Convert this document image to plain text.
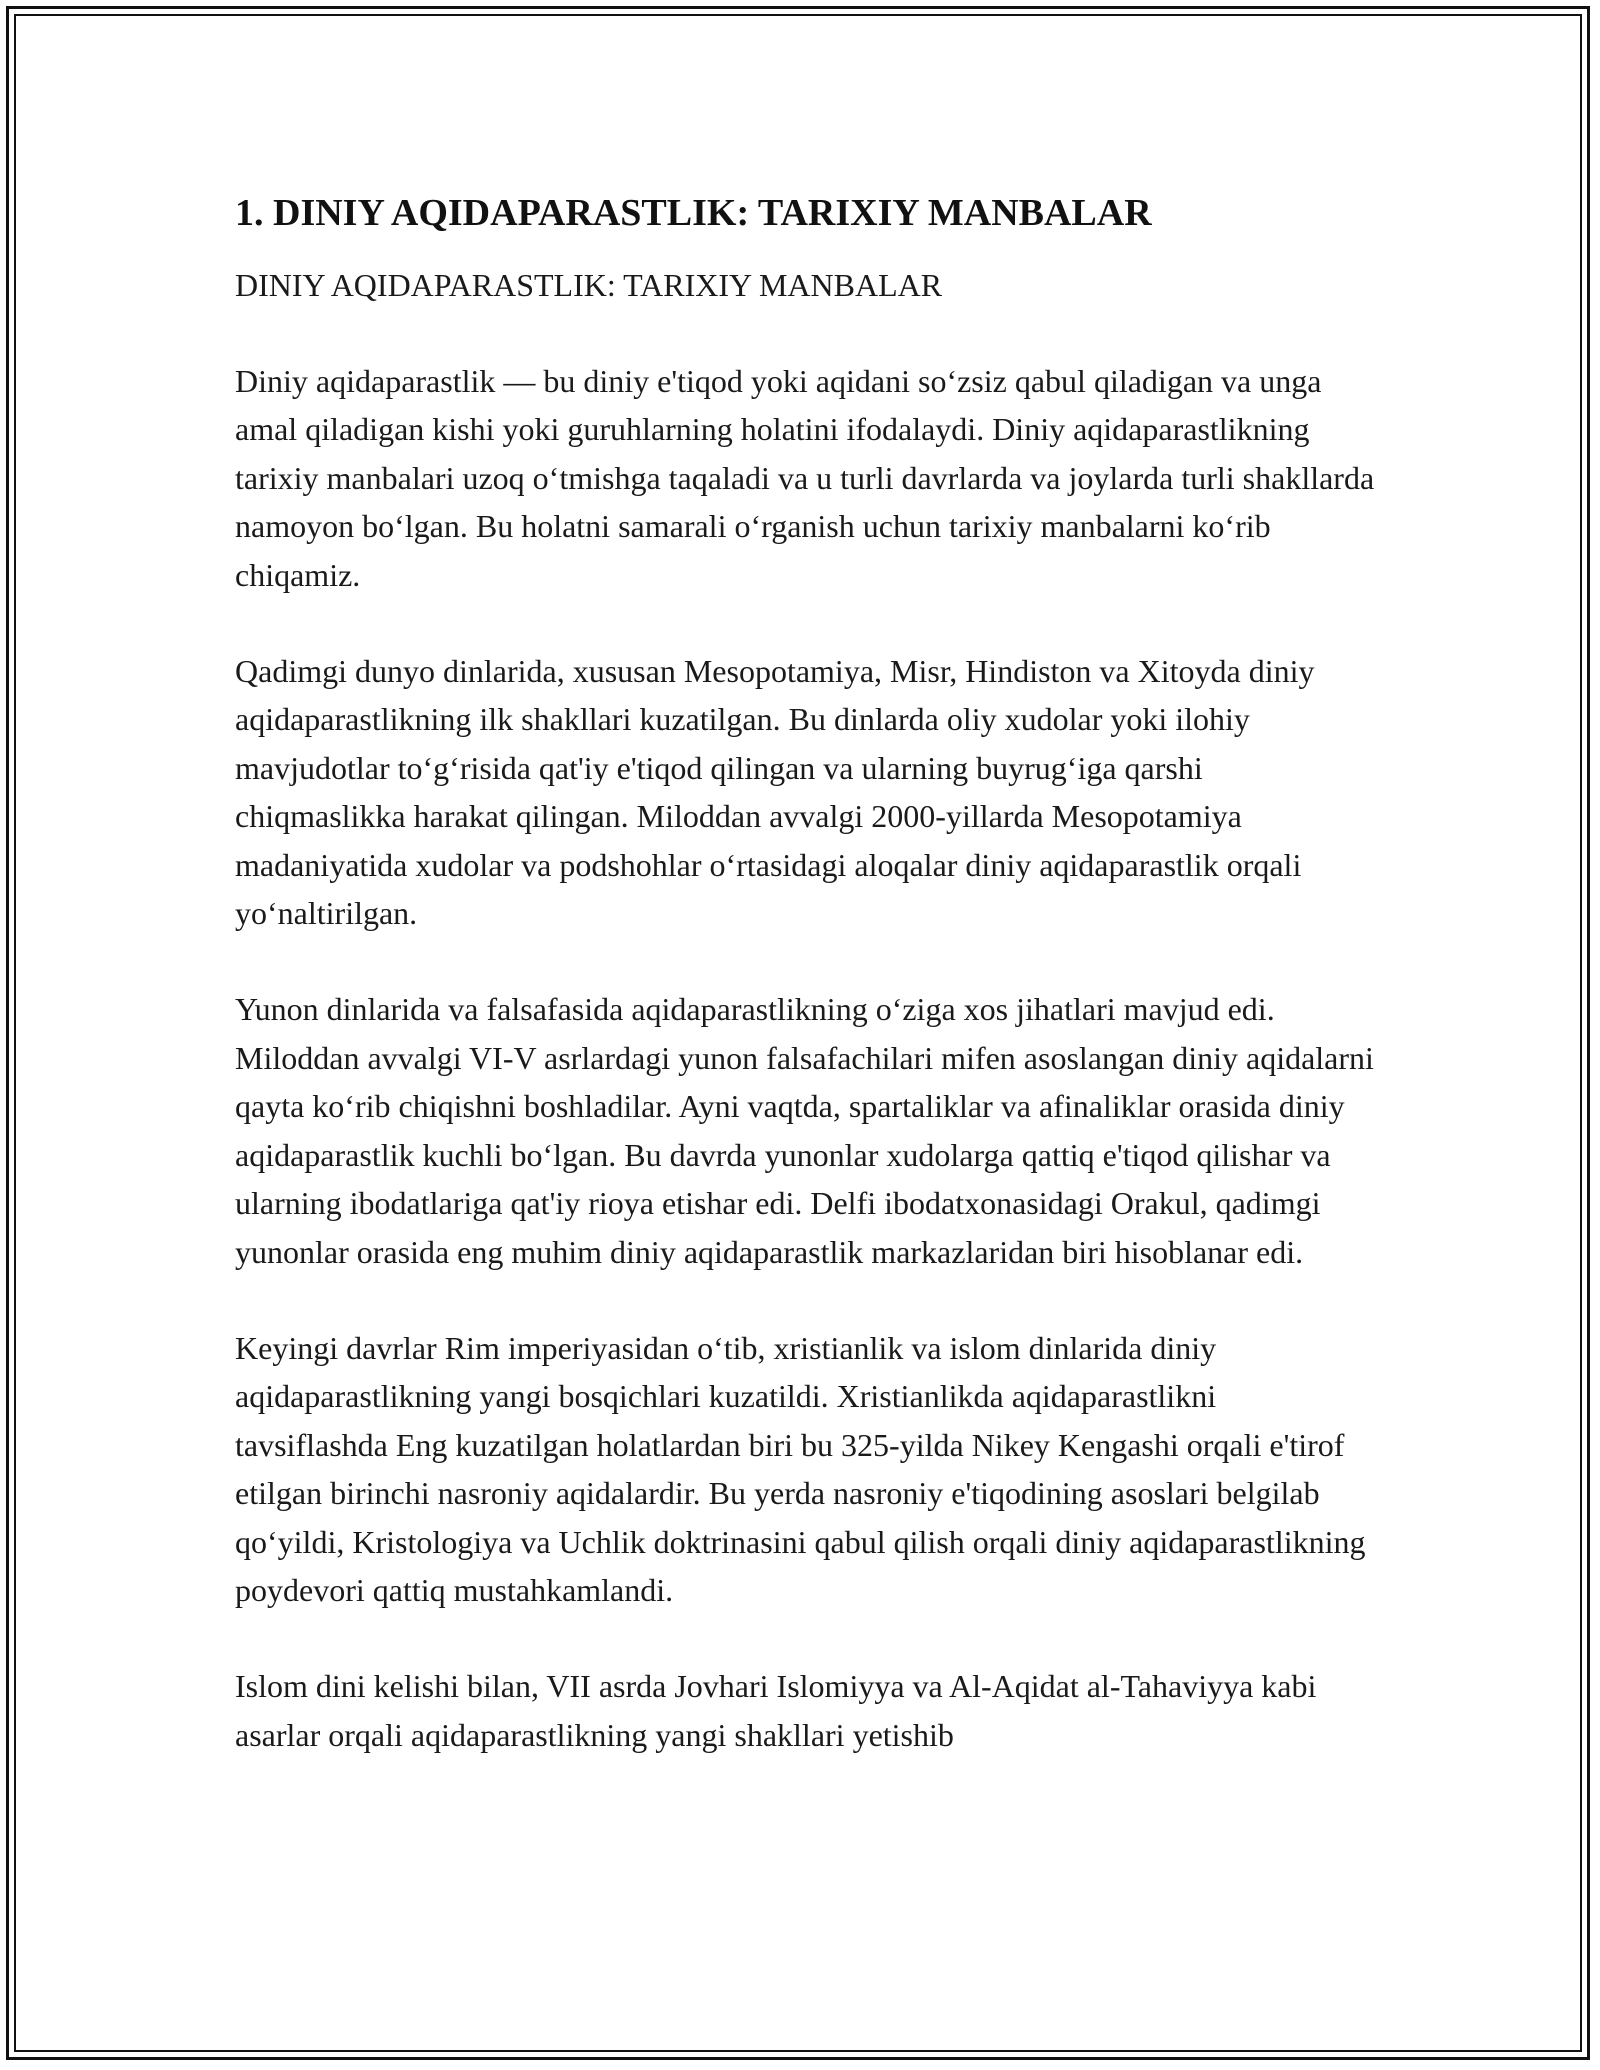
1. DINIY AQIDAPARASTLIK: TARIXIY MANBALAR

DINIY AQIDAPARASTLIK: TARIXIY MANBALAR

Diniy aqidaparastlik — bu diniy e'tiqod yoki aqidani so‘zsiz qabul qiladigan va unga amal qiladigan kishi yoki guruhlarning holatini ifodalaydi. Diniy aqidaparastlikning tarixiy manbalari uzoq o‘tmishga taqaladi va u turli davrlarda va joylarda turli shakllarda namoyon bo‘lgan. Bu holatni samarali o‘rganish uchun tarixiy manbalarni ko‘rib chiqamiz.

Qadimgi dunyo dinlarida, xususan Mesopotamiya, Misr, Hindiston va Xitoyda diniy aqidaparastlikning ilk shakllari kuzatilgan. Bu dinlarda oliy xudolar yoki ilohiy mavjudotlar to‘g‘risida qat'iy e'tiqod qilingan va ularning buyrug‘iga qarshi chiqmaslikka harakat qilingan. Miloddan avvalgi 2000-yillarda Mesopotamiya madaniyatida xudolar va podshohlar o‘rtasidagi aloqalar diniy aqidaparastlik orqali yo‘naltirilgan.

Yunon dinlarida va falsafasida aqidaparastlikning o‘ziga xos jihatlari mavjud edi. Miloddan avvalgi VI-V asrlardagi yunon falsafachilari mifen asoslangan diniy aqidalarni qayta ko‘rib chiqishni boshladilar. Ayni vaqtda, spartaliklar va afinaliklar orasida diniy aqidaparastlik kuchli bo‘lgan. Bu davrda yunonlar xudolarga qattiq e'tiqod qilishar va ularning ibodatlariga qat'iy rioya etishar edi. Delfi ibodatxonasidagi Orakul, qadimgi yunonlar orasida eng muhim diniy aqidaparastlik markazlaridan biri hisoblanar edi.

Keyingi davrlar Rim imperiyasidan o‘tib, xristianlik va islom dinlarida diniy aqidaparastlikning yangi bosqichlari kuzatildi. Xristianlikda aqidaparastlikni tavsiflashda Eng kuzatilgan holatlardan biri bu 325-yilda Nikey Kengashi orqali e'tirof etilgan birinchi nasroniy aqidalardir. Bu yerda nasroniy e'tiqodining asoslari belgilab qo‘yildi, Kristologiya va Uchlik doktrinasini qabul qilish orqali diniy aqidaparastlikning poydevori qattiq mustahkamlandi.

Islom dini kelishi bilan, VII asrda Jovhari Islomiyya va Al-Aqidat al-Tahaviyya kabi asarlar orqali aqidaparastlikning yangi shakllari yetishib
